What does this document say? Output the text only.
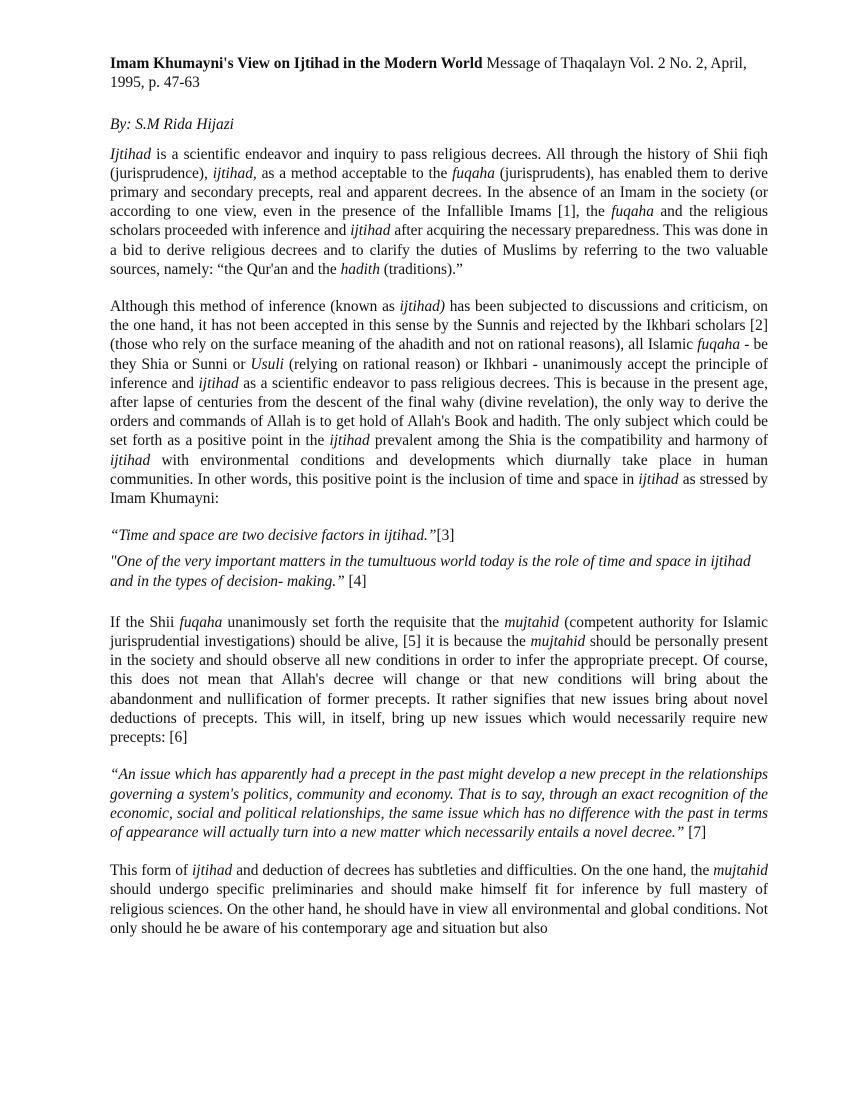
Imam Khumayni's View on Ijtihad in the Modern World Message of Thaqalayn Vol. 2 No. 2, April, 1995, p. 47-63
By: S.M Rida Hijazi

Ijtihad is a scientific endeavor and inquiry to pass religious decrees. All through the history of Shii fiqh (jurisprudence), ijtihad, as a method acceptable to the fuqaha (jurisprudents), has enabled them to derive primary and secondary precepts, real and apparent decrees. In the absence of an Imam in the society (or according to one view, even in the presence of the Infallible Imams [1], the fuqaha and the religious scholars proceeded with inference and ijtihad after acquiring the necessary preparedness. This was done in a bid to derive religious decrees and to clarify the duties of Muslims by referring to the two valuable sources, namely: “the Qur'an and the hadith (traditions).”

Although this method of inference (known as ijtihad) has been subjected to discussions and criticism, on the one hand, it has not been accepted in this sense by the Sunnis and rejected by the Ikhbari scholars [2] (those who rely on the surface meaning of the ahadith and not on rational reasons), all Islamic fuqaha - be they Shia or Sunni or Usuli (relying on rational reason) or Ikhbari - unanimously accept the principle of inference and ijtihad as a scientific endeavor to pass religious decrees. This is because in the present age, after lapse of centuries from the descent of the final wahy (divine revelation), the only way to derive the orders and commands of Allah is to get hold of Allah's Book and hadith. The only subject which could be set forth as a positive point in the ijtihad prevalent among the Shia is the compatibility and harmony of ijtihad with environmental conditions and developments which diurnally take place in human communities. In other words, this positive point is the inclusion of time and space in ijtihad as stressed by Imam Khumayni:

“Time and space are two decisive factors in ijtihad.”[3]

"One of the very important matters in the tumultuous world today is the role of time and space in ijtihad and in the types of decision- making.” [4]

If the Shii fuqaha unanimously set forth the requisite that the mujtahid (competent authority for Islamic jurisprudential investigations) should be alive, [5] it is because the mujtahid should be personally present in the society and should observe all new conditions in order to infer the appropriate precept. Of course, this does not mean that Allah's decree will change or that new conditions will bring about the abandonment and nullification of former precepts. It rather signifies that new issues bring about novel deductions of precepts. This will, in itself, bring up new issues which would necessarily require new precepts: [6]

“An issue which has apparently had a precept in the past might develop a new precept in the relationships governing a system's politics, community and economy. That is to say, through an exact recognition of the economic, social and political relationships, the same issue which has no difference with the past in terms of appearance will actually turn into a new matter which necessarily entails a novel decree.” [7]

This form of ijtihad and deduction of decrees has subtleties and difficulties. On the one hand, the mujtahid should undergo specific preliminaries and should make himself fit for inference by full mastery of religious sciences. On the other hand, he should have in view all environmental and global conditions. Not only should he be aware of his contemporary age and situation but also
